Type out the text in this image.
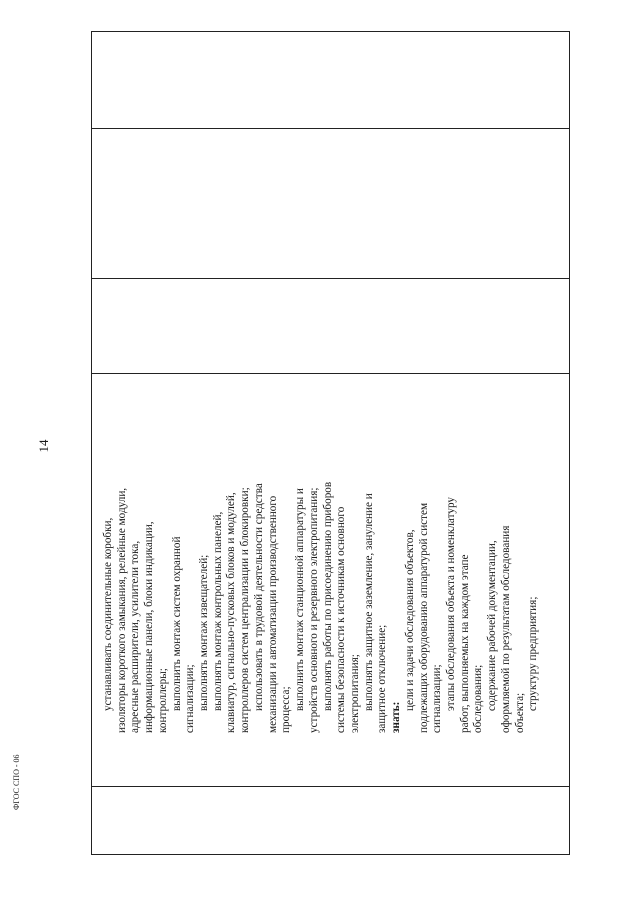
14
устанавливать соединительные коробки, изоляторы короткого замыкания, релейные модули, адресные расширители, усилители тока, информационные панели, блоки индикации, контроллеры; выполнить монтаж систем охранной сигнализации; выполнять монтаж извещателей; выполнять монтаж контрольных панелей, клавиатур, сигнально-пусковых блоков и модулей, контроллеров систем централизации и блокировки; использовать в трудовой деятельности средства механизации и автоматизации производственного процесса; выполнить монтаж станционной аппаратуры и устройств основного и резервного электропитания; выполнять работы по присоединению приборов системы безопасности к источникам основного электропитания; выполнять защитное заземление, зануление и защитное отключение; знать:
цели и задачи обследования объектов, подлежащих оборудованию аппаратурой систем сигнализации; этапы обследования объекта и номенклатуру работ, выполняемых на каждом этапе обследования; содержание рабочей документации, оформляемой по результатам обследования объекта;
структуру предприятия;
ФГОС СПО - 06
